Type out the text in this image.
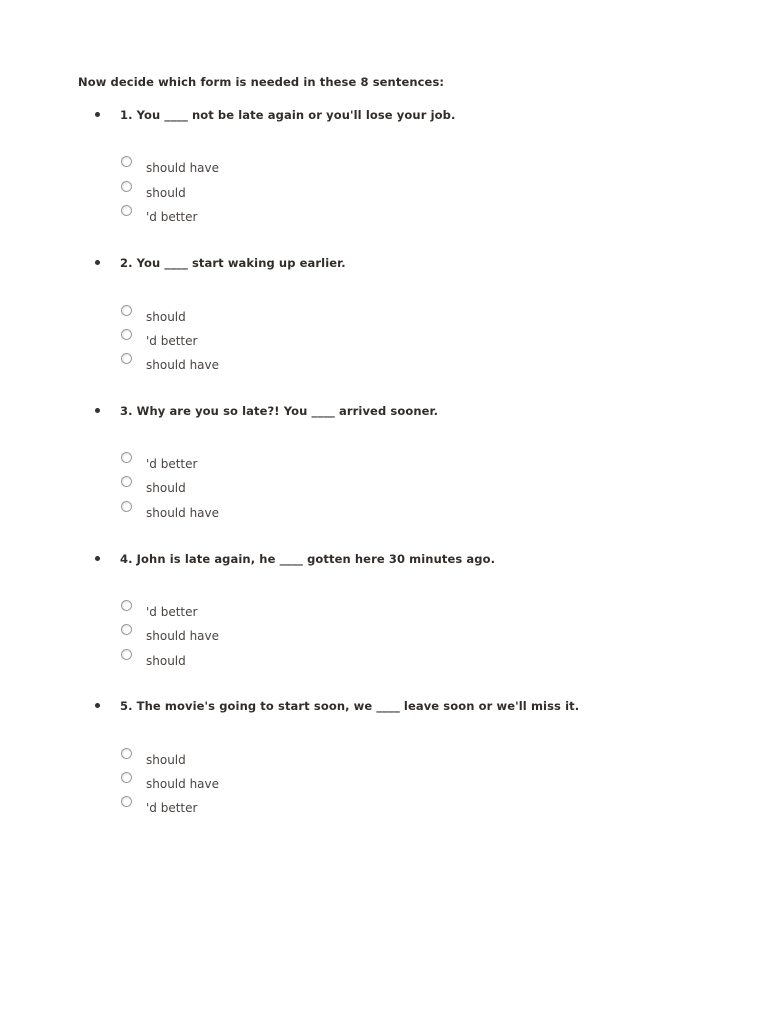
Now decide which form is needed in these 8 sentences:
1. You ____ not be late again or you'll lose your job.
should have
should
'd better
2. You ____ start waking up earlier.
should
'd better
should have
3. Why are you so late?! You ____ arrived sooner.
'd better
should
should have
4. John is late again, he ____ gotten here 30 minutes ago.
'd better
should have
should
5. The movie's going to start soon, we ____ leave soon or we'll miss it.
should
should have
'd better
